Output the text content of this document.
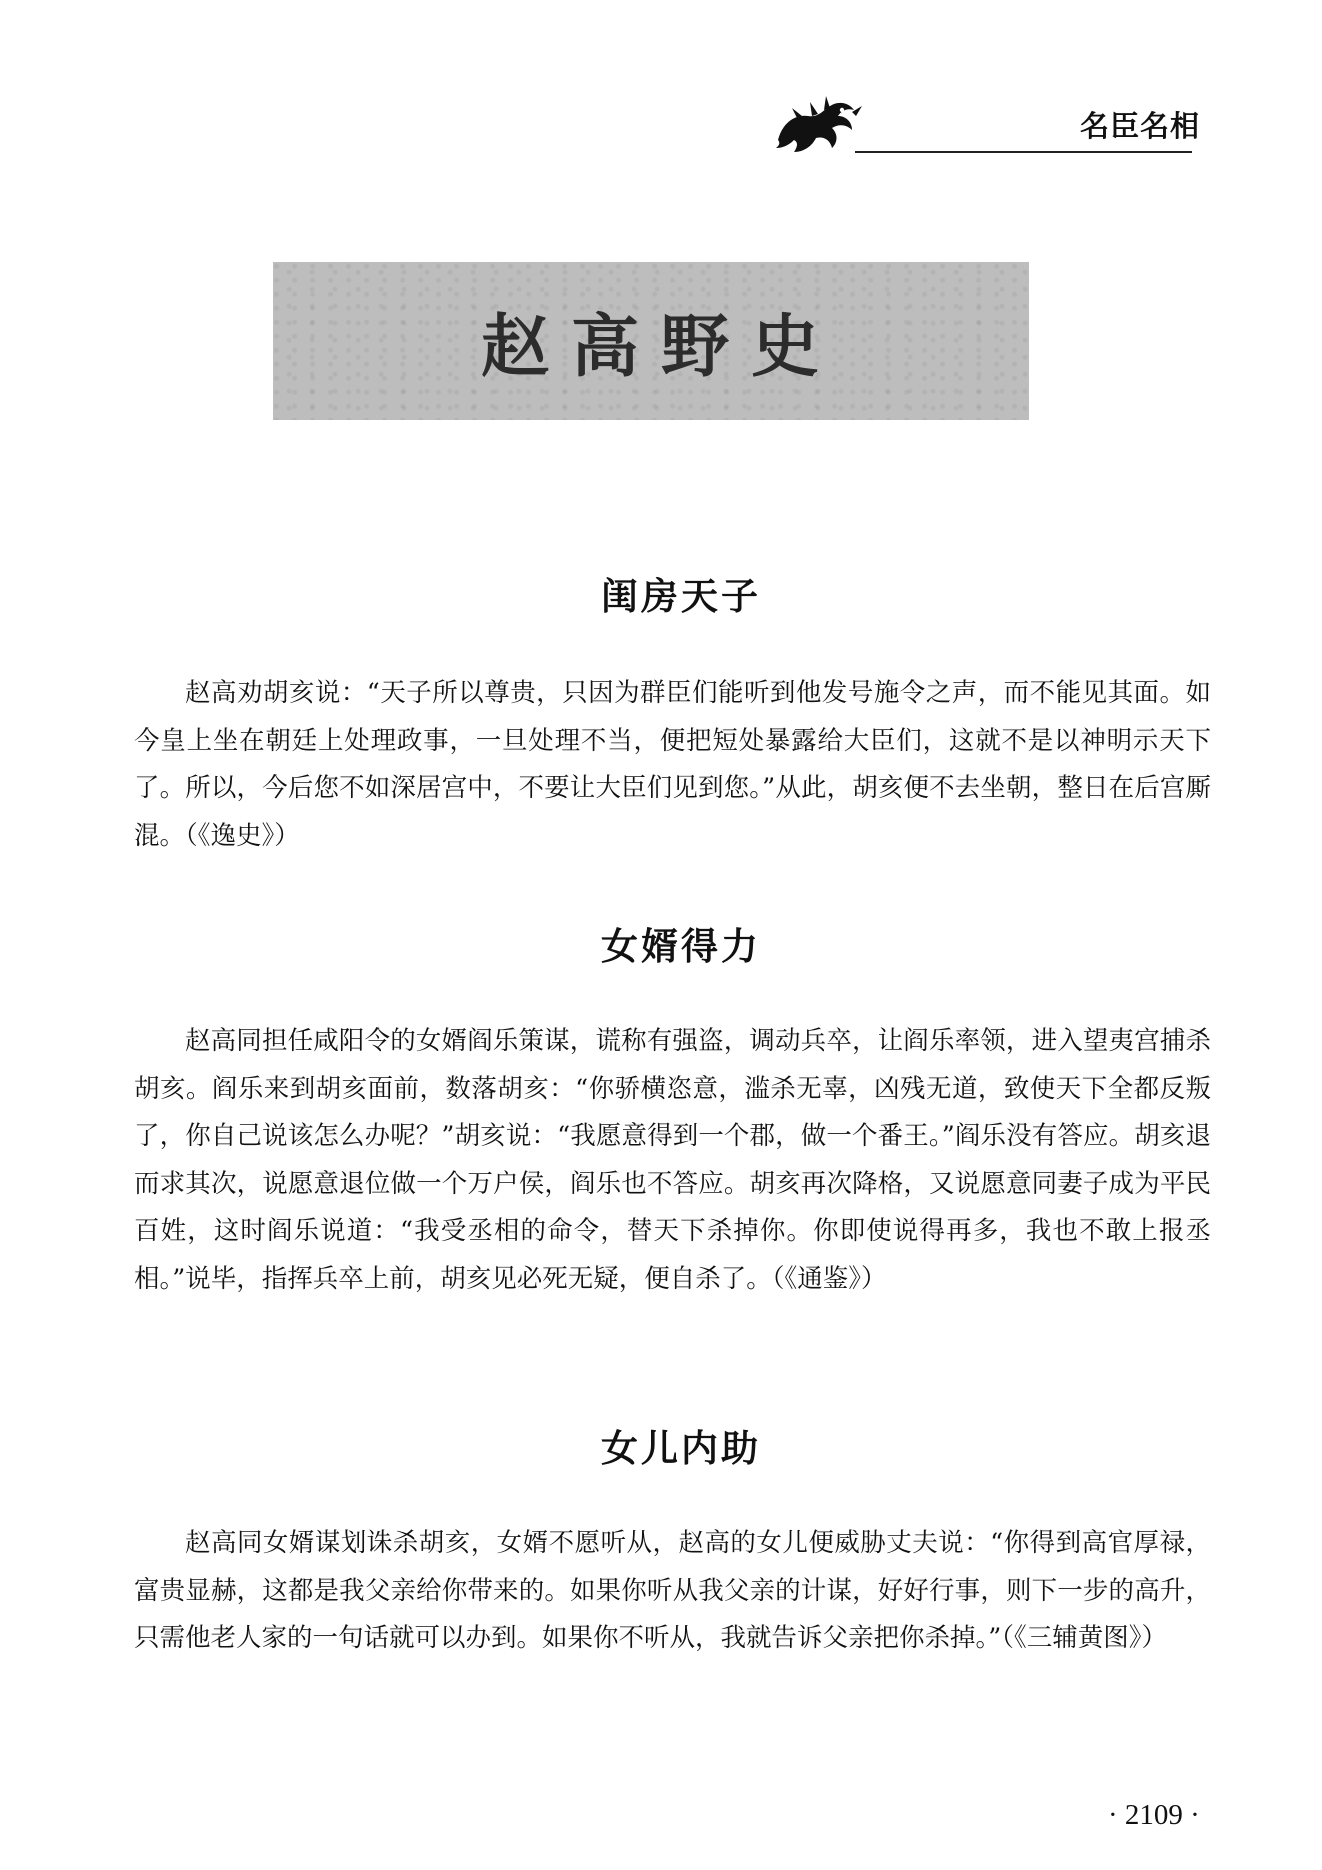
名臣名相
赵高野史
闺房天子

赵高劝胡亥说：“天子所以尊贵，只因为群臣们能听到他发号施令之声，而不能见其面。如今皇上坐在朝廷上处理政事，一旦处理不当，便把短处暴露给大臣们，这就不是以神明示天下了。所以，今后您不如深居宫中，不要让大臣们见到您。”从此，胡亥便不去坐朝，整日在后宫厮混。（《逸史》）

女婿得力

赵高同担任咸阳令的女婿阎乐策谋，谎称有强盗，调动兵卒，让阎乐率领，进入望夷宫捕杀胡亥。阎乐来到胡亥面前，数落胡亥：“你骄横恣意，滥杀无辜，凶残无道，致使天下全都反叛了，你自己说该怎么办呢？”胡亥说：“我愿意得到一个郡，做一个番王。”阎乐没有答应。胡亥退而求其次，说愿意退位做一个万户侯，阎乐也不答应。胡亥再次降格，又说愿意同妻子成为平民百姓，这时阎乐说道：“我受丞相的命令，替天下杀掉你。你即使说得再多，我也不敢上报丞相。”说毕，指挥兵卒上前，胡亥见必死无疑，便自杀了。（《通鉴》）

女儿内助

赵高同女婿谋划诛杀胡亥，女婿不愿听从，赵高的女儿便威胁丈夫说：“你得到高官厚禄，富贵显赫，这都是我父亲给你带来的。如果你听从我父亲的计谋，好好行事，则下一步的高升，只需他老人家的一句话就可以办到。如果你不听从，我就告诉父亲把你杀掉。”（《三辅黄图》）

· 2109 ·
